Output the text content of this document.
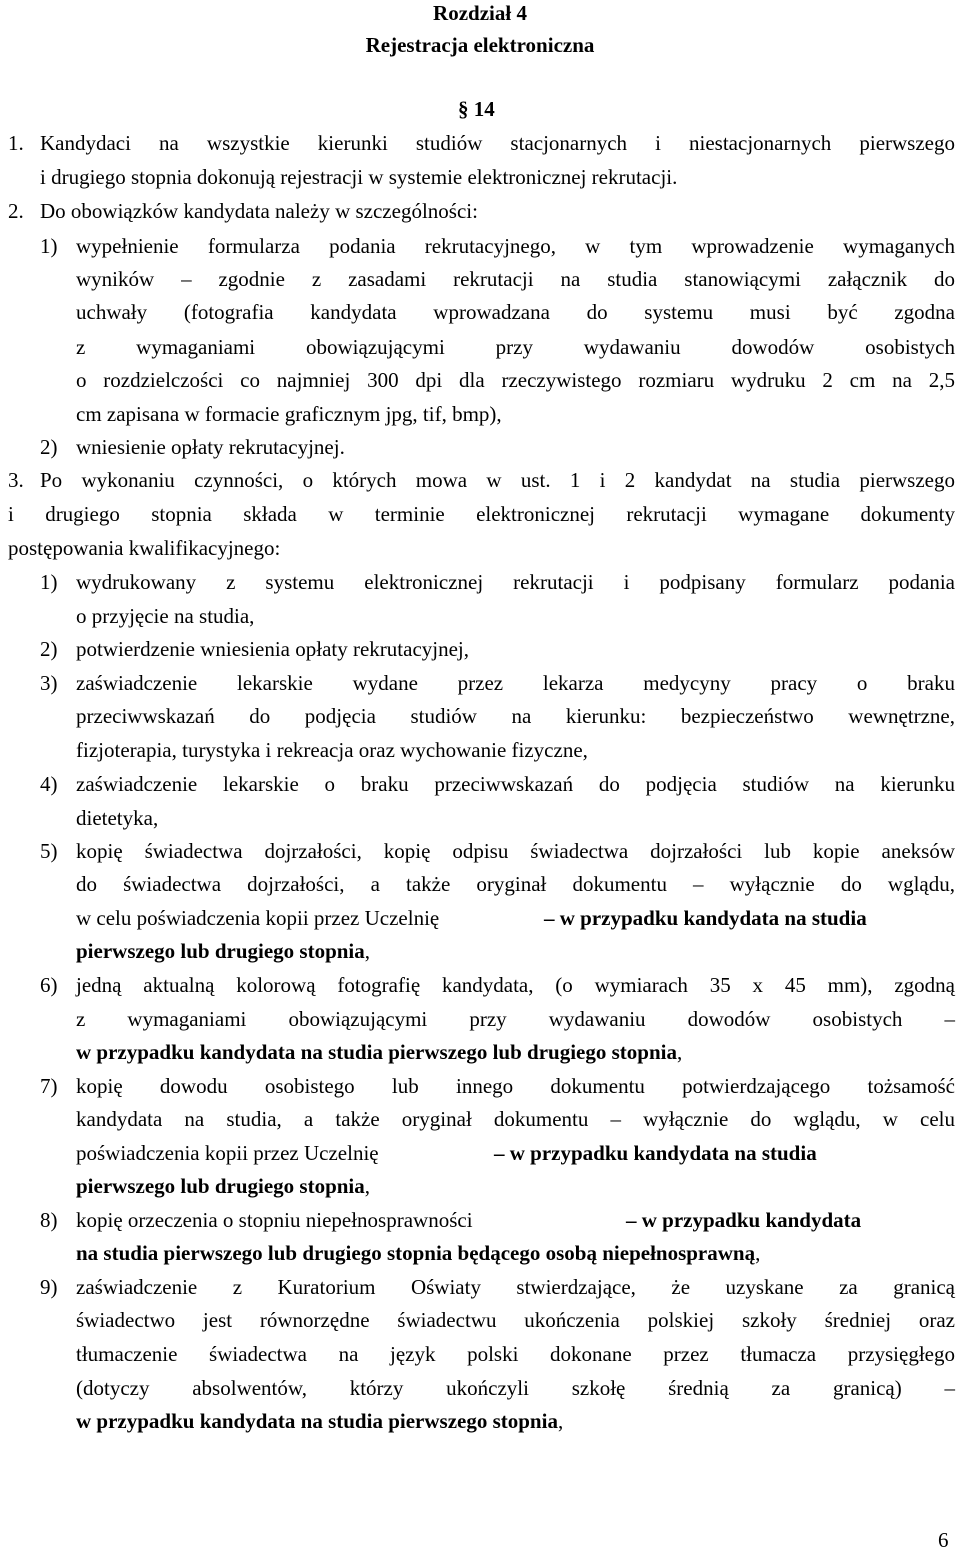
Rozdział 4
Rejestracja elektroniczna
§ 14
1. Kandydaci na wszystkie kierunki studiów stacjonarnych i niestacjonarnych pierwszego
i drugiego stopnia dokonują rejestracji w systemie elektronicznej rekrutacji.
2. Do obowiązków kandydata należy w szczególności:
1) wypełnienie formularza podania rekrutacyjnego, w tym wprowadzenie wymaganych
wyników – zgodnie z zasadami rekrutacji na studia stanowiącymi załącznik do
uchwały (fotografia kandydata wprowadzana do systemu musi być zgodna
z wymaganiami obowiązującymi przy wydawaniu dowodów osobistych
o rozdzielczości co najmniej 300 dpi dla rzeczywistego rozmiaru wydruku 2 cm na 2,5
cm zapisana w formacie graficznym jpg, tif, bmp),
2) wniesienie opłaty rekrutacyjnej.
3. Po wykonaniu czynności, o których mowa w ust. 1 i 2 kandydat na studia pierwszego
i drugiego stopnia składa w terminie elektronicznej rekrutacji wymagane dokumenty
postępowania kwalifikacyjnego:
1) wydrukowany z systemu elektronicznej rekrutacji i podpisany formularz podania
o przyjęcie na studia,
2) potwierdzenie wniesienia opłaty rekrutacyjnej,
3) zaświadczenie lekarskie wydane przez lekarza medycyny pracy o braku
przeciwwskazań do podjęcia studiów na kierunku: bezpieczeństwo wewnętrzne,
fizjoterapia, turystyka i rekreacja oraz wychowanie fizyczne,
4) zaświadczenie lekarskie o braku przeciwwskazań do podjęcia studiów na kierunku
dietetyka,
5) kopię świadectwa dojrzałości, kopię odpisu świadectwa dojrzałości lub kopie aneksów
do świadectwa dojrzałości, a także oryginał dokumentu – wyłącznie do wglądu,
w celu poświadczenia kopii przez Uczelnię	– w przypadku kandydata na studia
pierwszego lub drugiego stopnia,
6) jedną aktualną kolorową fotografię kandydata, (o wymiarach 35 x 45 mm), zgodną
z wymaganiami obowiązującymi przy wydawaniu dowodów osobistych –
w przypadku kandydata na studia pierwszego lub drugiego stopnia,
7) kopię dowodu osobistego lub innego dokumentu potwierdzającego tożsamość
kandydata na studia, a także oryginał dokumentu – wyłącznie do wglądu, w celu
poświadczenia kopii przez Uczelnię	– w przypadku kandydata na studia
pierwszego lub drugiego stopnia,
8) kopię orzeczenia o stopniu niepełnosprawności	– w przypadku kandydata
na studia pierwszego lub drugiego stopnia będącego osobą niepełnosprawną,
9) zaświadczenie z Kuratorium Oświaty stwierdzające, że uzyskane za granicą
świadectwo jest równorzędne świadectwu ukończenia polskiej szkoły średniej oraz
tłumaczenie świadectwa na język polski dokonane przez tłumacza przysięgłego
(dotyczy absolwentów, którzy ukończyli szkołę średnią za granicą) –
w przypadku kandydata na studia pierwszego stopnia,
6
